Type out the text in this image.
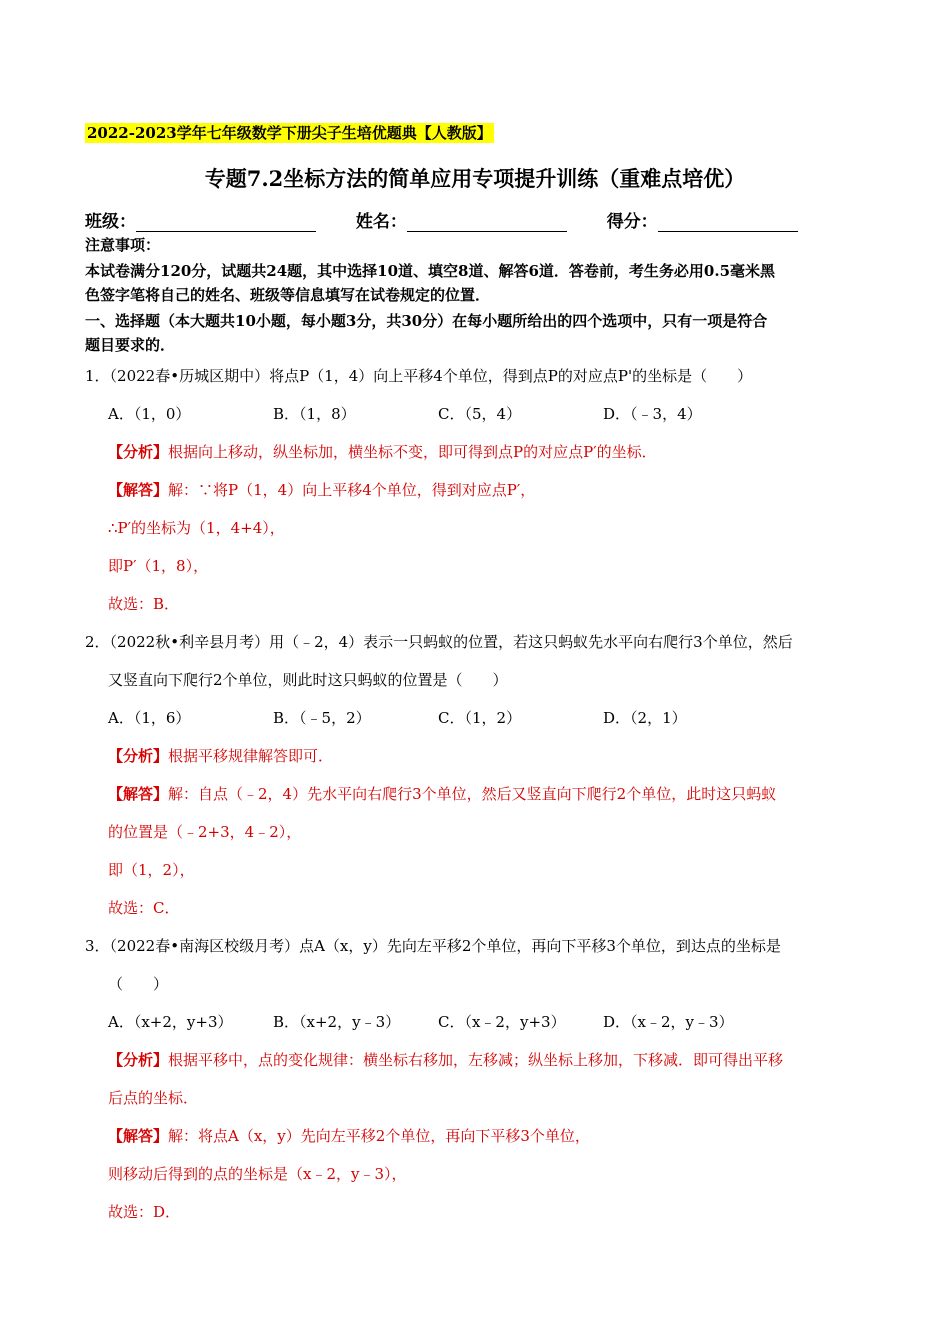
2022-2023学年七年级数学下册尖子生培优题典【人教版】
专题7.2坐标方法的简单应用专项提升训练（重难点培优）
班级：	姓名：	得分：
注意事项：
本试卷满分120分，试题共24题，其中选择10道、填空8道、解答6道．答卷前，考生务必用0.5毫米黑
色签字笔将自己的姓名、班级等信息填写在试卷规定的位置．
一、选择题（本大题共10小题，每小题3分，共30分）在每小题所给出的四个选项中，只有一项是符合
题目要求的．
1．（2022春•历城区期中）将点P（1，4）向上平移4个单位，得到点P的对应点P'的坐标是（　　）
A．（1，0）	B．（1，8）	C．（5，4）	D．（﹣3，4）
【分析】根据向上移动，纵坐标加，横坐标不变，即可得到点P的对应点P′的坐标．
【解答】解：∵将P（1，4）向上平移4个单位，得到对应点P′，
∴P′的坐标为（1，4+4），
即P′（1，8），
故选：B．
2．（2022秋•利辛县月考）用（﹣2，4）表示一只蚂蚁的位置，若这只蚂蚁先水平向右爬行3个单位，然后
又竖直向下爬行2个单位，则此时这只蚂蚁的位置是（　　）
A．（1，6）	B．（﹣5，2）	C．（1，2）	D．（2，1）
【分析】根据平移规律解答即可．
【解答】解：自点（﹣2，4）先水平向右爬行3个单位，然后又竖直向下爬行2个单位，此时这只蚂蚁
的位置是（﹣2+3，4﹣2），
即（1，2），
故选：C．
3．（2022春•南海区校级月考）点A（x，y）先向左平移2个单位，再向下平移3个单位，到达点的坐标是
（　　）
A．（x+2，y+3）	B．（x+2，y﹣3）	C．（x﹣2，y+3） D．（x﹣2，y﹣3）
【分析】根据平移中，点的变化规律：横坐标右移加，左移减；纵坐标上移加，下移减．即可得出平移
后点的坐标．
【解答】解：将点A（x，y）先向左平移2个单位，再向下平移3个单位，
则移动后得到的点的坐标是（x﹣2，y﹣3），
故选：D．
